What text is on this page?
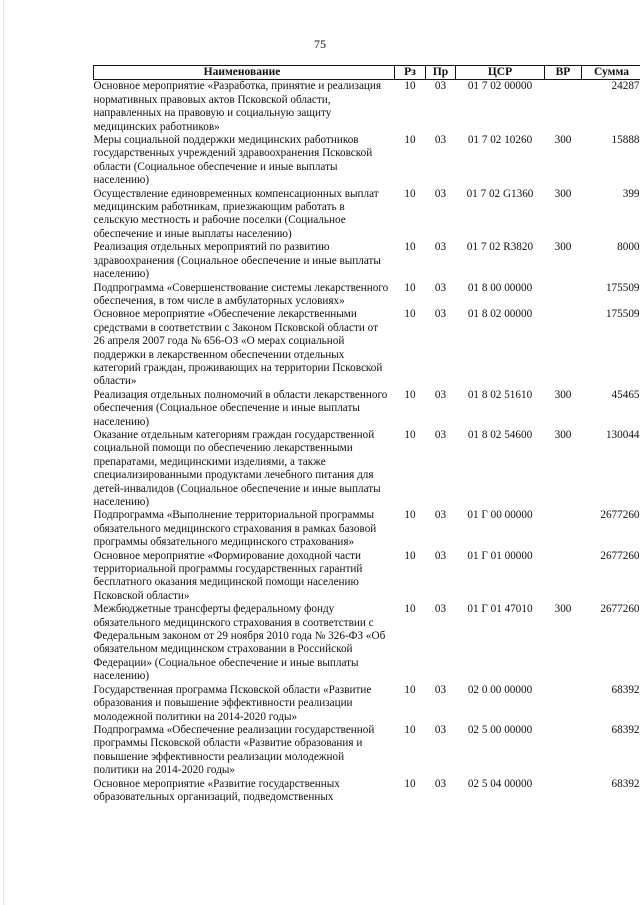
75
Наименование	Рз	Пр	ЦСР	ВР	Сумма
Основное мероприятие «Разработка, принятие и реализация нормативных правовых актов Псковской области, направленных на правовую и социальную защиту медицинских работников»	10	03	01 7 02 00000		24287
Меры социальной поддержки медицинских работников государственных учреждений здравоохранения Псковской области (Социальное обеспечение и иные выплаты населению)	10	03	01 7 02 10260	300	15888
Осуществление единовременных компенсационных выплат медицинским работникам, приезжающим работать в сельскую местность и рабочие поселки (Социальное обеспечение и иные выплаты населению)	10	03	01 7 02 G1360	300	399
Реализация отдельных мероприятий по развитию здравоохранения (Социальное обеспечение и иные выплаты населению)	10	03	01 7 02 R3820	300	8000
Подпрограмма «Совершенствование системы лекарственного обеспечения, в том числе в амбулаторных условиях»	10	03	01 8 00 00000		175509
Основное мероприятие «Обеспечение лекарственными средствами в соответствии с Законом Псковской области от 26 апреля 2007 года № 656-ОЗ «О мерах социальной поддержки в лекарственном обеспечении отдельных категорий граждан, проживающих на территории Псковской области»	10	03	01 8 02 00000		175509
Реализация отдельных полномочий в области лекарственного обеспечения (Социальное обеспечение и иные выплаты населению)	10	03	01 8 02 51610	300	45465
Оказание отдельным категориям граждан государственной социальной помощи по обеспечению лекарственными препаратами, медицинскими изделиями, а также специализированными продуктами лечебного питания для детей-инвалидов (Социальное обеспечение и иные выплаты населению)	10	03	01 8 02 54600	300	130044
Подпрограмма «Выполнение территориальной программы обязательного медицинского страхования в рамках базовой программы обязательного медицинского страхования»	10	03	01 Г 00 00000		2677260
Основное мероприятие «Формирование доходной части территориальной программы государственных гарантий бесплатного оказания медицинской помощи населению Псковской области»	10	03	01 Г 01 00000		2677260
Межбюджетные трансферты федеральному фонду обязательного медицинского страхования в соответствии с Федеральным законом от 29 ноября 2010 года № 326-ФЗ «Об обязательном медицинском страховании в Российской Федерации» (Социальное обеспечение и иные выплаты населению)	10	03	01 Г 01 47010	300	2677260
Государственная программа Псковской области «Развитие образования и повышение эффективности реализации молодежной политики на 2014-2020 годы»	10	03	02 0 00 00000		68392
Подпрограмма «Обеспечение реализации государственной программы Псковской области «Развитие образования и повышение эффективности реализации молодежной политики на 2014-2020 годы»	10	03	02 5 00 00000		68392
Основное мероприятие «Развитие государственных образовательных организаций, подведомственных	10	03	02 5 04 00000		68392
